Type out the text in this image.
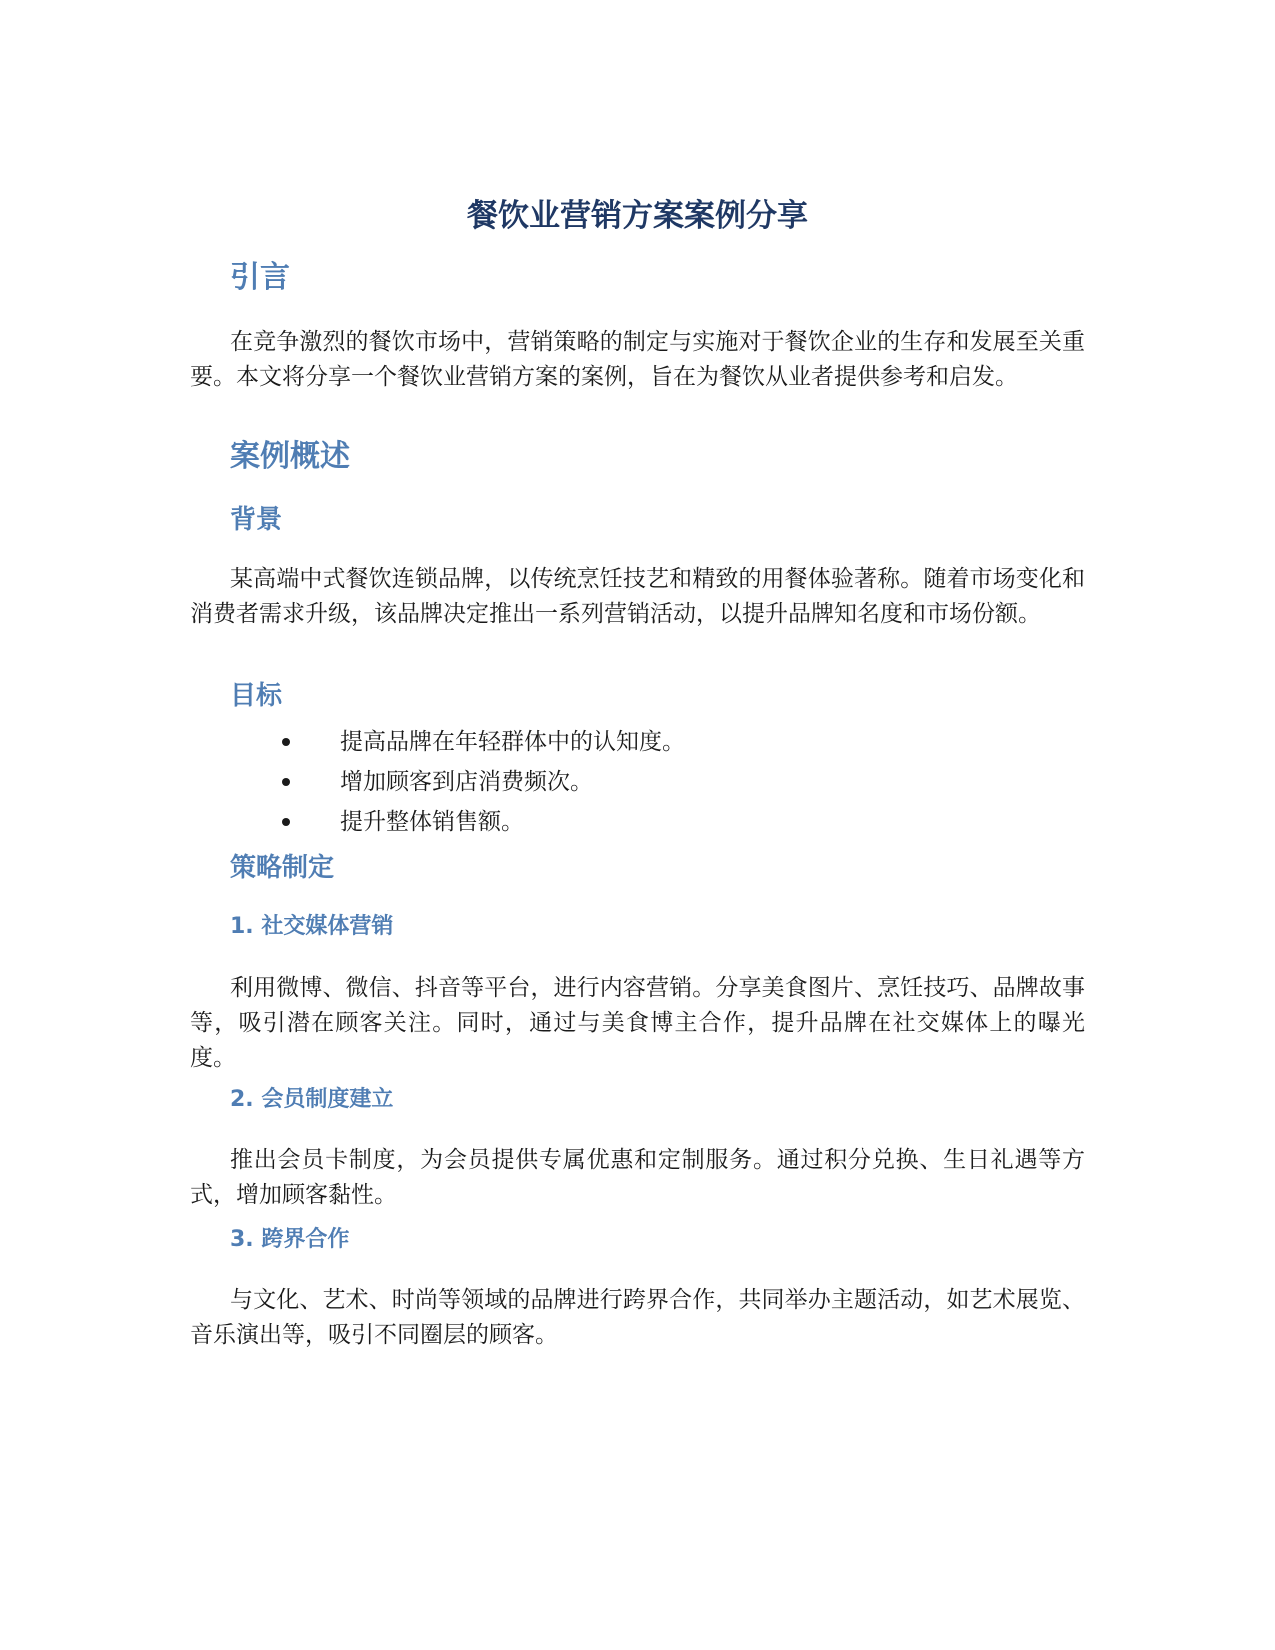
餐饮业营销方案案例分享
引言

在竞争激烈的餐饮市场中，营销策略的制定与实施对于餐饮企业的生存和发展至关重要。本文将分享一个餐饮业营销方案的案例，旨在为餐饮从业者提供参考和启发。

案例概述
背景

某高端中式餐饮连锁品牌，以传统烹饪技艺和精致的用餐体验著称。随着市场变化和消费者需求升级，该品牌决定推出一系列营销活动，以提升品牌知名度和市场份额。

目标
提高品牌在年轻群体中的认知度。
增加顾客到店消费频次。
提升整体销售额。
策略制定
1. 社交媒体营销

利用微博、微信、抖音等平台，进行内容营销。分享美食图片、烹饪技巧、品牌故事等，吸引潜在顾客关注。同时，通过与美食博主合作，提升品牌在社交媒体上的曝光度。

2. 会员制度建立

推出会员卡制度，为会员提供专属优惠和定制服务。通过积分兑换、生日礼遇等方式，增加顾客黏性。

3. 跨界合作

与文化、艺术、时尚等领域的品牌进行跨界合作，共同举办主题活动，如艺术展览、音乐演出等，吸引不同圈层的顾客。
